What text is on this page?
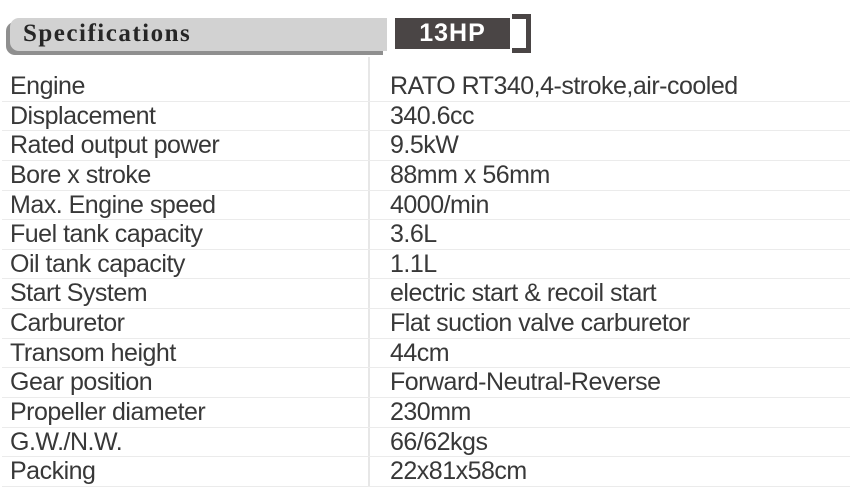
Specifications	13HP
Engine	RATO RT340,4-stroke,air-cooled
Displacement	340.6cc
Rated output power	9.5kW
Bore x stroke	88mm x 56mm
Max. Engine speed	4000/min
Fuel tank capacity	3.6L
Oil tank capacity	1.1L
Start System	electric start & recoil start
Carburetor	Flat suction valve carburetor
Transom height	44cm
Gear position	Forward-Neutral-Reverse
Propeller diameter	230mm
G.W./N.W.	66/62kgs
Packing	22x81x58cm
